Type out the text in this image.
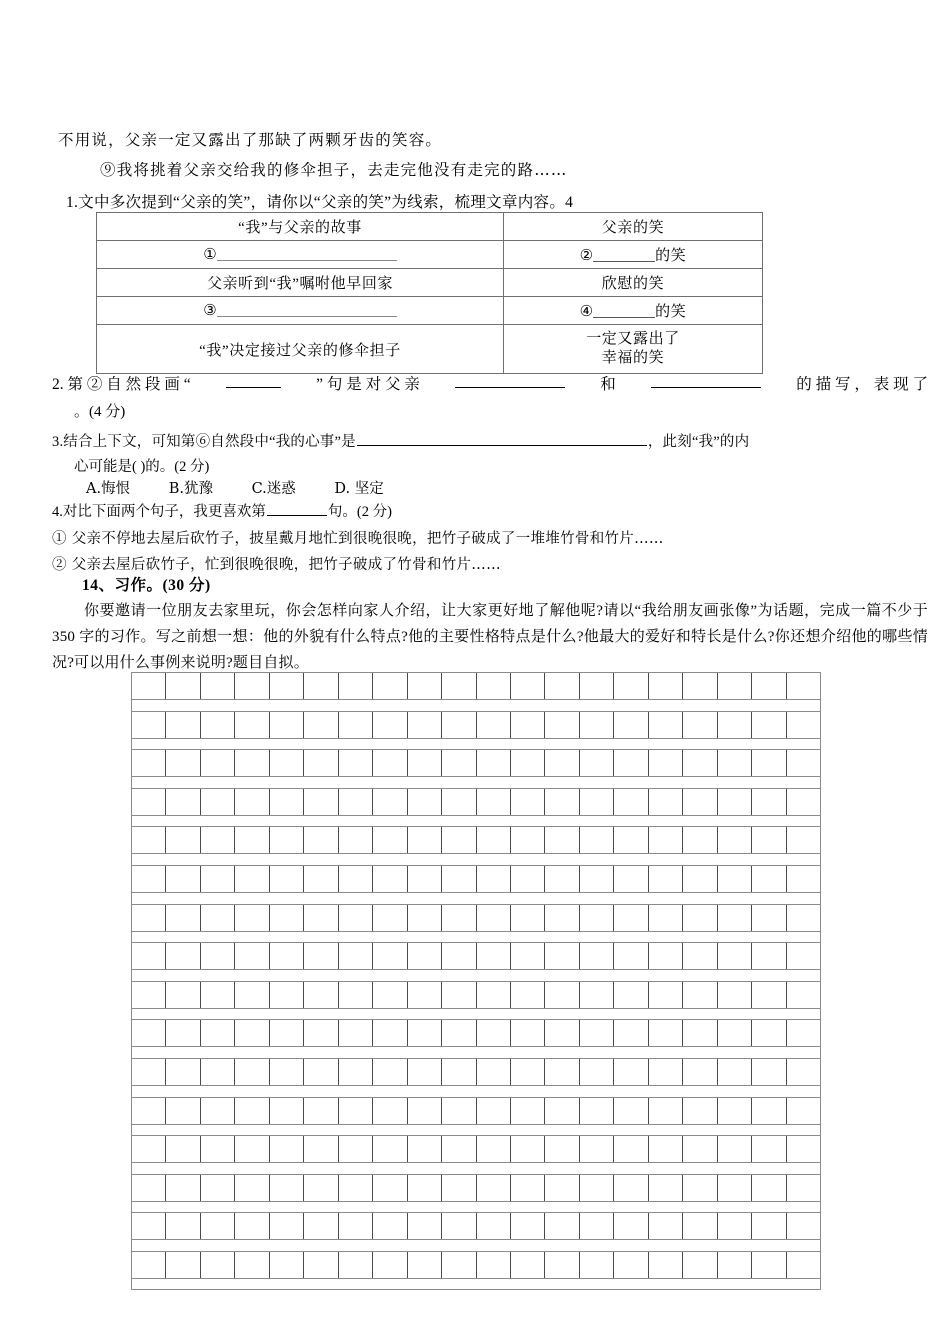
不用说，父亲一定又露出了那缺了两颗牙齿的笑容。
⑨我将挑着父亲交给我的修伞担子，去走完他没有走完的路……
1.文中多次提到“父亲的笑”，请你以“父亲的笑”为线索，梳理文章内容。4
“我”与父亲的故事	父亲的笑
①	② 的笑
父亲听到“我”嘱咐他早回家	欣慰的笑
③	④ 的笑
“我”决定接过父亲的修伞担子	一定又露出了
幸福的笑
2. 第 ② 自 然 段 画 “	” 句 是 对 父 亲	和	的 描 写 ， 表 现 了
。(4 分)
3.结合上下文，可知第⑥自然段中“我的心事”是	，此刻“我”的内
心可能是( )的。(2 分)
A.悔恨	B.犹豫	C.迷惑	D. 坚定
4.对比下面两个句子，我更喜欢第	句。(2 分)
① 父亲不停地去屋后砍竹子，披星戴月地忙到很晚很晚，把竹子破成了一堆堆竹骨和竹片……
② 父亲去屋后砍竹子，忙到很晚很晚，把竹子破成了竹骨和竹片……
14、习作。(30 分)
你要邀请一位朋友去家里玩，你会怎样向家人介绍，让大家更好地了解他呢?请以“我给朋友画张像”为话题，完成一篇不少于 350 字的习作。写之前想一想：他的外貌有什么特点?他的主要性格特点是什么?他最大的爱好和特长是什么?你还想介绍他的哪些情况?可以用什么事例来说明?题目自拟。
